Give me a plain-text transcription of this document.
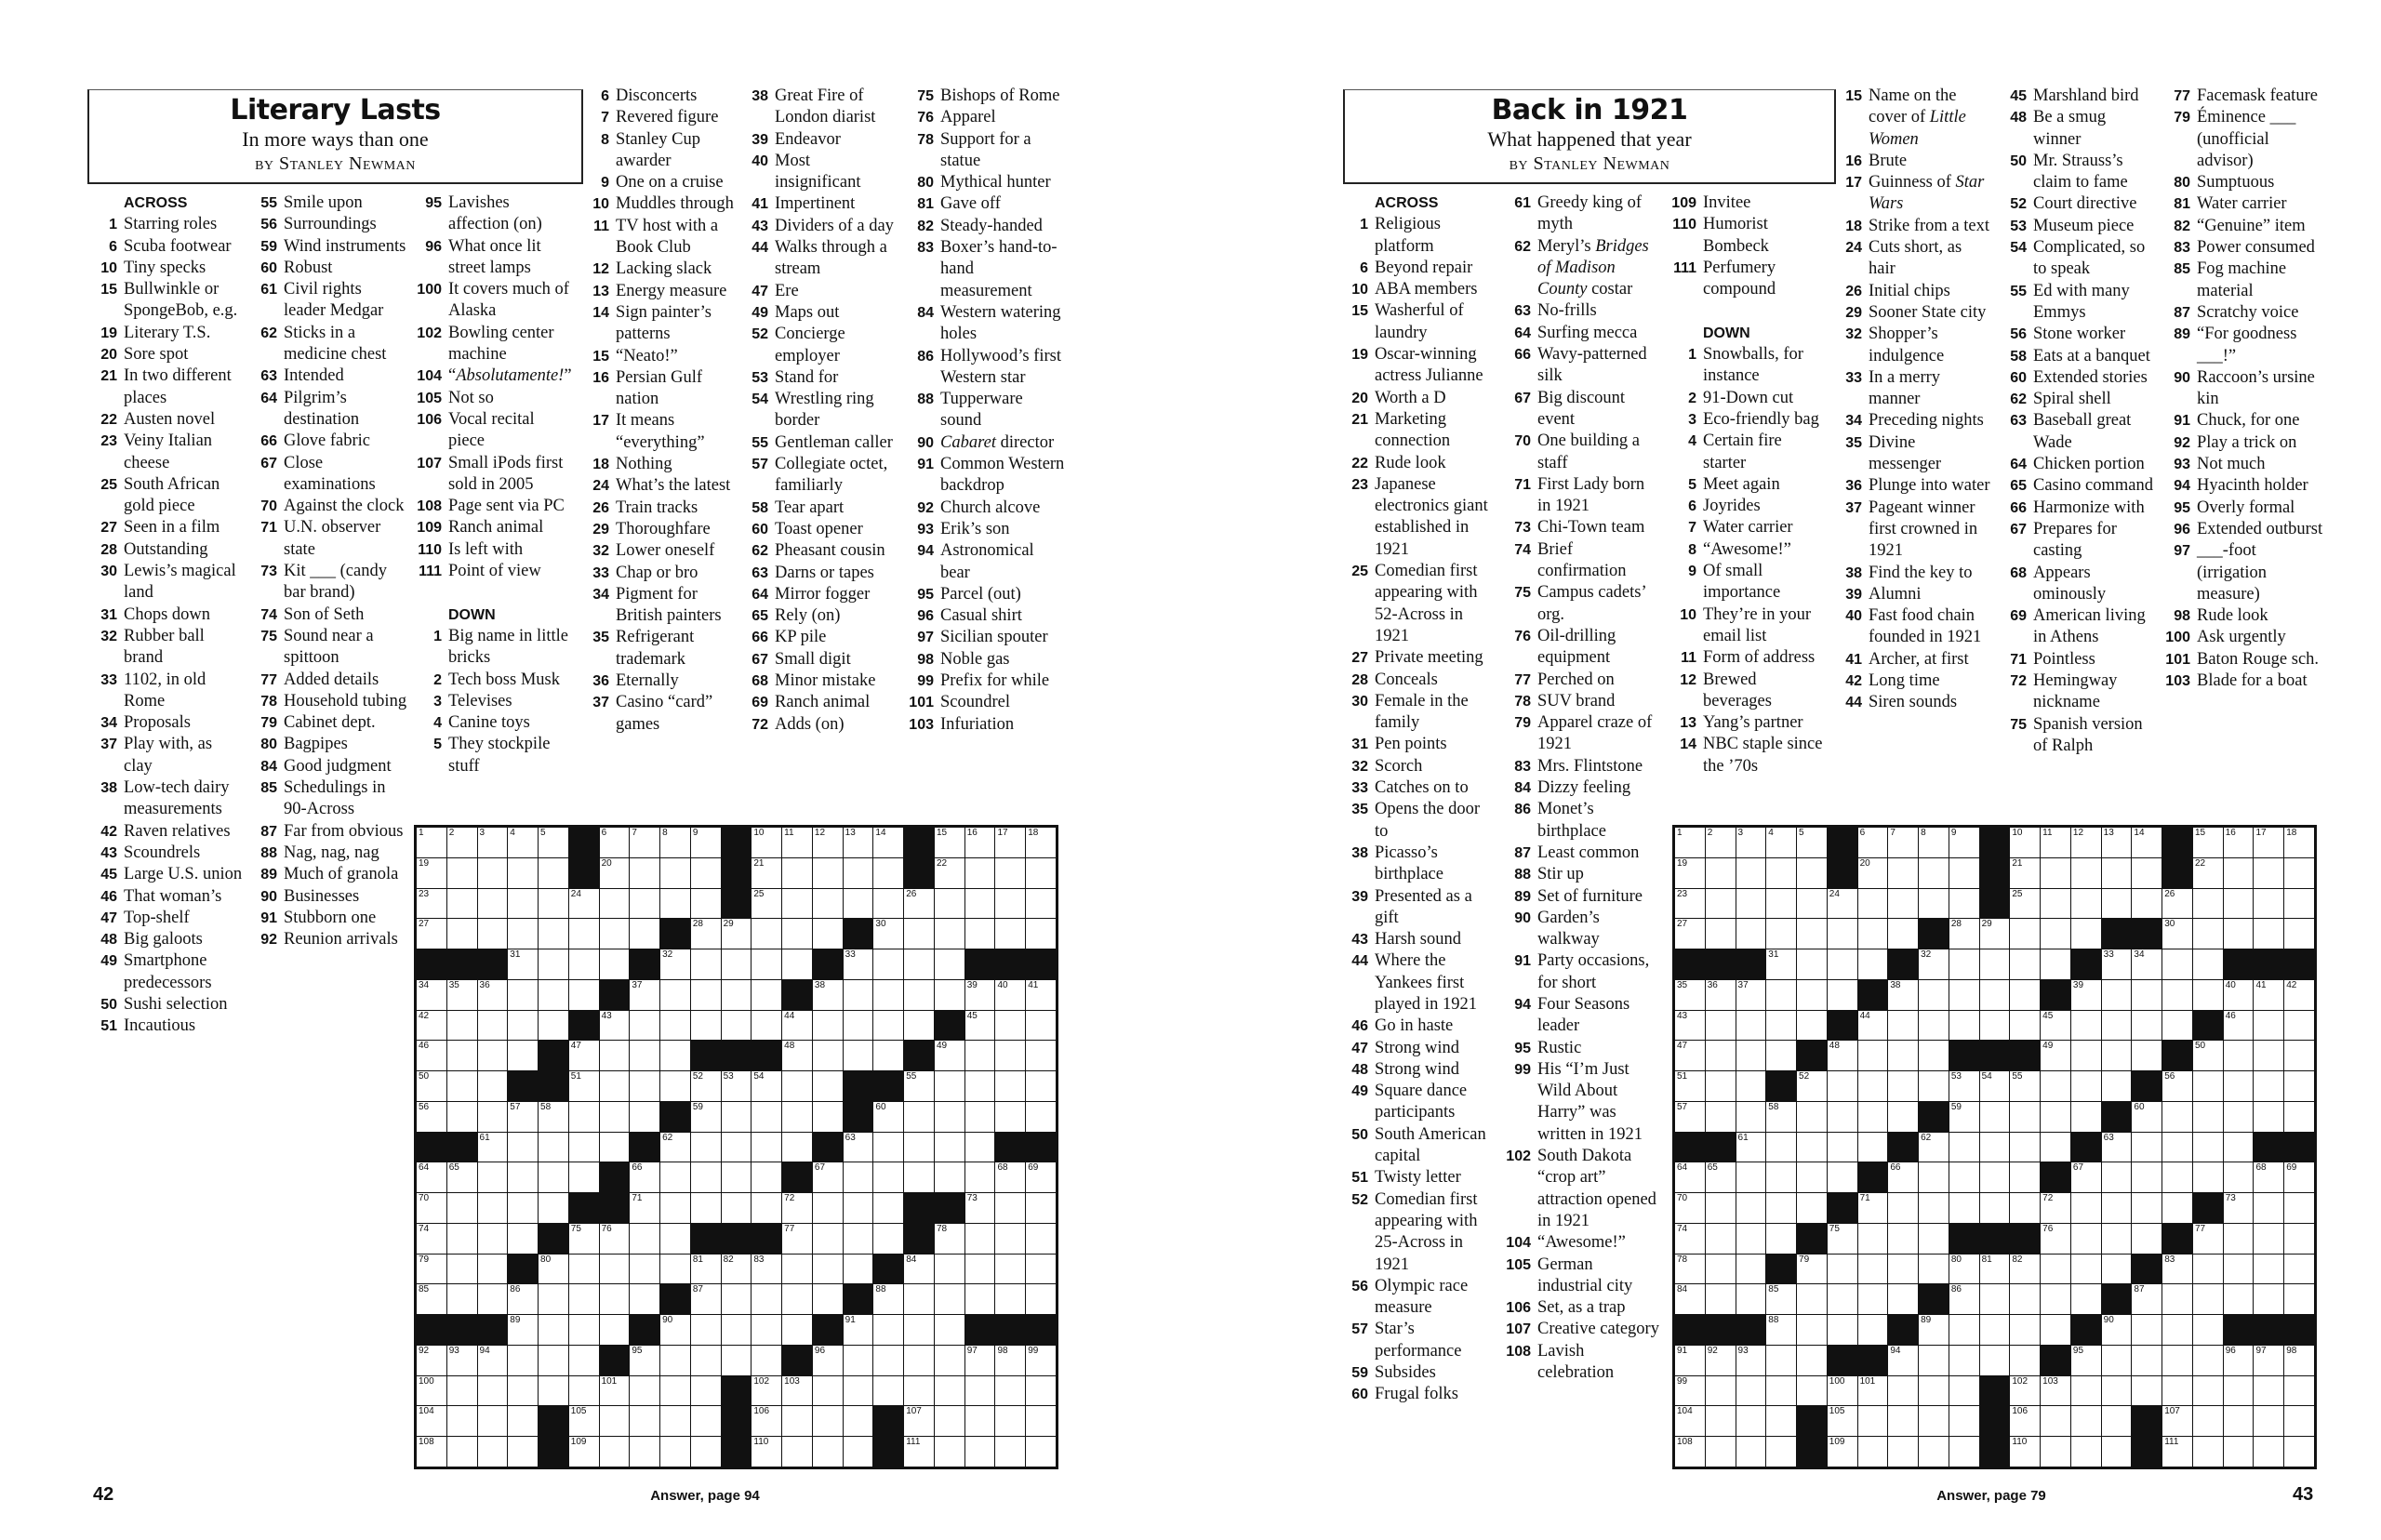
Literary Lasts
In more ways than one
by Stanley Newman
ACROSS
1 Starring roles
6 Scuba footwear
10 Tiny specks
15 Bullwinkle or SpongeBob, e.g.
19 Literary T.S.
20 Sore spot
21 In two different places
22 Austen novel
23 Veiny Italian cheese
25 South African gold piece
27 Seen in a film
28 Outstanding
30 Lewis’s magical land
31 Chops down
32 Rubber ball brand
33 1102, in old Rome
34 Proposals
37 Play with, as clay
38 Low-tech dairy measurements
42 Raven relatives
43 Scoundrels
45 Large U.S. union
46 That woman’s
47 Top-shelf
48 Big galoots
49 Smartphone predecessors
50 Sushi selection
51 Incautious
55 Smile upon
56 Surroundings
59 Wind instruments
60 Robust
61 Civil rights leader Medgar
62 Sticks in a medicine chest
63 Intended
64 Pilgrim’s destination
66 Glove fabric
67 Close examinations
70 Against the clock
71 U.N. observer state
73 Kit ___ (candy bar brand)
74 Son of Seth
75 Sound near a spittoon
77 Added details
78 Household tubing
79 Cabinet dept.
80 Bagpipes
84 Good judgment
85 Schedulings in 90-Across
87 Far from obvious
88 Nag, nag, nag
89 Much of granola
90 Businesses
91 Stubborn one
92 Reunion arrivals
95 Lavishes affection (on)
96 What once lit street lamps
100 It covers much of Alaska
102 Bowling center machine
104 “Absolutamente!”
105 Not so
106 Vocal recital piece
107 Small iPods first sold in 2005
108 Page sent via PC
109 Ranch animal
110 Is left with
111 Point of view
DOWN
1 Big name in little bricks
2 Tech boss Musk
3 Televises
4 Canine toys
5 They stockpile stuff
6 Disconcerts
7 Revered figure
8 Stanley Cup awarder
9 One on a cruise
10 Muddles through
11 TV host with a Book Club
12 Lacking slack
13 Energy measure
14 Sign painter’s patterns
15 “Neato!”
16 Persian Gulf nation
17 It means “everything”
18 Nothing
24 What’s the latest
26 Train tracks
29 Thoroughfare
32 Lower oneself
33 Chap or bro
34 Pigment for British painters
35 Refrigerant trademark
36 Eternally
37 Casino “card” games
38 Great Fire of London diarist
39 Endeavor
40 Most insignificant
41 Impertinent
43 Dividers of a day
44 Walks through a stream
47 Ere
49 Maps out
52 Concierge employer
53 Stand for
54 Wrestling ring border
55 Gentleman caller
57 Collegiate octet, familiarly
58 Tear apart
60 Toast opener
62 Pheasant cousin
63 Darns or tapes
64 Mirror fogger
65 Rely (on)
66 KP pile
67 Small digit
68 Minor mistake
69 Ranch animal
72 Adds (on)
75 Bishops of Rome
76 Apparel
78 Support for a statue
80 Mythical hunter
81 Gave off
82 Steady-handed
83 Boxer’s hand-to-hand measurement
84 Western watering holes
86 Hollywood’s first Western star
88 Tupperware sound
90 Cabaret director
91 Common Western backdrop
92 Church alcove
93 Erik’s son
94 Astronomical bear
95 Parcel (out)
96 Casual shirt
97 Sicilian spouter
98 Noble gas
99 Prefix for while
101 Scoundrel
103 Infuriation
1	2	3	4	5	6	7	8	9	10 11 12 13 14	15 16 17 18
19	20	21	22
23	24	25	26
27	28 29	30
31	32	33
34 35 36	37	38	39 40 41
42	43	44	45
46	47	48	49
50	51	52 53 54	55
56	57 58	59	60
61	62	63
64 65	66	67	68 69
70	71	72	73
74	75 76	77	78
79	80	81 82 83	84
85	86	87	88
89	90	91
92 93 94	95	96	97 98 99
100	101	102 103
104	105	106	107
108	109	110	111
42	Answer, page 94
Back in 1921
What happened that year
by Stanley Newman
ACROSS
1 Religious platform
6 Beyond repair
10 ABA members
15 Washerful of laundry
19 Oscar-winning actress Julianne
20 Worth a D
21 Marketing connection
22 Rude look
23 Japanese electronics giant established in 1921
25 Comedian first appearing with 52-Across in 1921
27 Private meeting
28 Conceals
30 Female in the family
31 Pen points
32 Scorch
33 Catches on to
35 Opens the door to
38 Picasso’s birthplace
39 Presented as a gift
43 Harsh sound
44 Where the Yankees first played in 1921
46 Go in haste
47 Strong wind
48 Strong wind
49 Square dance participants
50 South American capital
51 Twisty letter
52 Comedian first appearing with 25-Across in 1921
56 Olympic race measure
57 Star’s performance
59 Subsides
60 Frugal folks
61 Greedy king of myth
62 Meryl’s Bridges of Madison County costar
63 No-frills
64 Surfing mecca
66 Wavy-patterned silk
67 Big discount event
70 One building a staff
71 First Lady born in 1921
73 Chi-Town team
74 Brief confirmation
75 Campus cadets’ org.
76 Oil-drilling equipment
77 Perched on
78 SUV brand
79 Apparel craze of 1921
83 Mrs. Flintstone
84 Dizzy feeling
86 Monet’s birthplace
87 Least common
88 Stir up
89 Set of furniture
90 Garden’s walkway
91 Party occasions, for short
94 Four Seasons leader
95 Rustic
99 His “I’m Just Wild About Harry” was written in 1921
102 South Dakota “crop art” attraction opened in 1921
104 “Awesome!”
105 German industrial city
106 Set, as a trap
107 Creative category
108 Lavish celebration
109 Invitee
110 Humorist Bombeck
111 Perfumery compound
DOWN
1 Snowballs, for instance
2 91-Down cut
3 Eco-friendly bag
4 Certain fire starter
5 Meet again
6 Joyrides
7 Water carrier
8 “Awesome!”
9 Of small importance
10 They’re in your email list
11 Form of address
12 Brewed beverages
13 Yang’s partner
14 NBC staple since the ’70s
15 Name on the cover of Little Women
16 Brute
17 Guinness of Star Wars
18 Strike from a text
24 Cuts short, as hair
26 Initial chips
29 Sooner State city
32 Shopper’s indulgence
33 In a merry manner
34 Preceding nights
35 Divine messenger
36 Plunge into water
37 Pageant winner first crowned in 1921
38 Find the key to
39 Alumni
40 Fast food chain founded in 1921
41 Archer, at first
42 Long time
44 Siren sounds
45 Marshland bird
48 Be a smug winner
50 Mr. Strauss’s claim to fame
52 Court directive
53 Museum piece
54 Complicated, so to speak
55 Ed with many Emmys
56 Stone worker
58 Eats at a banquet
60 Extended stories
62 Spiral shell
63 Baseball great Wade
64 Chicken portion
65 Casino command
66 Harmonize with
67 Prepares for casting
68 Appears ominously
69 American living in Athens
71 Pointless
72 Hemingway nickname
75 Spanish version of Ralph
77 Facemask feature
79 Éminence ___ (unofficial advisor)
80 Sumptuous
81 Water carrier
82 “Genuine” item
83 Power consumed
85 Fog machine material
87 Scratchy voice
89 “For goodness ___!”
90 Raccoon’s ursine kin
91 Chuck, for one
92 Play a trick on
93 Not much
94 Hyacinth holder
95 Overly formal
96 Extended outburst
97 ___-foot (irrigation measure)
98 Rude look
100 Ask urgently
101 Baton Rouge sch.
103 Blade for a boat
1	2	3	4	5	6	7	8	9	10 11 12 13 14	15 16 17 18
19	20	21	22
23	24	25	26
27	28 29	30
31	32	33 34
35 36 37	38	39	40 41 42
43	44	45	46
47	48	49	50
51	52	53 54 55	56
57	58	59	60
61	62	63
64 65	66	67	68 69
70	71	72	73
74	75	76	77
78	79	80 81 82	83
84	85	86	87
88	89	90
91 92 93	94	95	96 97 98
99	100 101	102 103
104	105	106	107
108	109	110	111
Answer, page 79	43
